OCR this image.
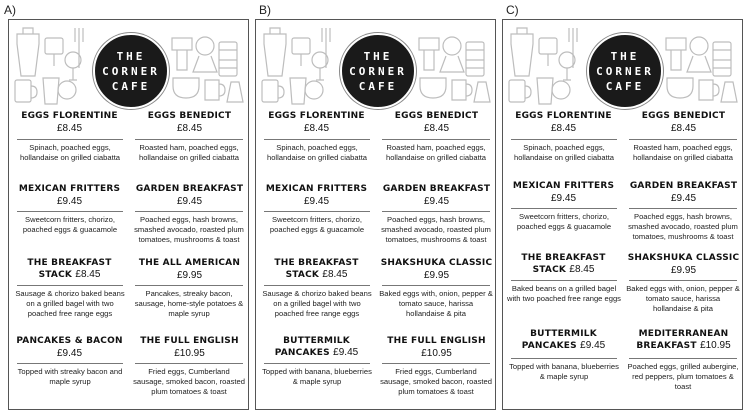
A)
THE
CORNER
CAFE
EGGS FLORENTINE
£8.45
EGGS BENEDICT
£8.45
Spinach, poached eggs, hollandaise on grilled ciabatta
Roasted ham, poached eggs, hollandaise on grilled ciabatta
MEXICAN FRITTERS
£9.45
GARDEN BREAKFAST
£9.45
Sweetcorn fritters, chorizo, poached eggs & guacamole
Poached eggs, hash browns, smashed avocado, roasted plum tomatoes, mushrooms & toast
THE BREAKFAST
STACK £8.45
THE ALL AMERICAN
£9.95
Sausage & chorizo baked beans on a grilled bagel with two poached free range eggs
Pancakes, streaky bacon, sausage, home-style potatoes & maple syrup
PANCAKES & BACON
£9.45
THE FULL ENGLISH
£10.95
Topped with streaky bacon and maple syrup
Fried eggs, Cumberland sausage, smoked bacon, roasted plum tomatoes & toast
B)
THE
CORNER
CAFE
EGGS FLORENTINE
£8.45
EGGS BENEDICT
£8.45
Spinach, poached eggs, hollandaise on grilled ciabatta
Roasted ham, poached eggs, hollandaise on grilled ciabatta
MEXICAN FRITTERS
£9.45
GARDEN BREAKFAST
£9.45
Sweetcorn fritters, chorizo, poached eggs & guacamole
Poached eggs, hash browns, smashed avocado, roasted plum tomatoes, mushrooms & toast
THE BREAKFAST
STACK £8.45
SHAKSHUKA CLASSIC
£9.95
Sausage & chorizo baked beans on a grilled bagel with two poached free range eggs
Baked eggs with, onion, pepper & tomato sauce, harissa hollandaise & pita
BUTTERMILK
PANCAKES £9.45
THE FULL ENGLISH
£10.95
Topped with banana, blueberries & maple syrup
Fried eggs, Cumberland sausage, smoked bacon, roasted plum tomatoes & toast
C)
THE
CORNER
CAFE
EGGS FLORENTINE
£8.45
EGGS BENEDICT
£8.45
Spinach, poached eggs, hollandaise on grilled ciabatta
Roasted ham, poached eggs, hollandaise on grilled ciabatta
MEXICAN FRITTERS
£9.45
GARDEN BREAKFAST
£9.45
Sweetcorn fritters, chorizo, poached eggs & guacamole
Poached eggs, hash browns, smashed avocado, roasted plum tomatoes, mushrooms & toast
THE BREAKFAST
STACK £8.45
SHAKSHUKA CLASSIC
£9.95
Baked beans on a grilled bagel with two poached free range eggs
Baked eggs with, onion, pepper & tomato sauce, harissa hollandaise & pita
BUTTERMILK
PANCAKES £9.45
MEDITERRANEAN
BREAKFAST £10.95
Topped with banana, blueberries & maple syrup
Poached eggs, grilled aubergine, red peppers, plum tomatoes & toast
